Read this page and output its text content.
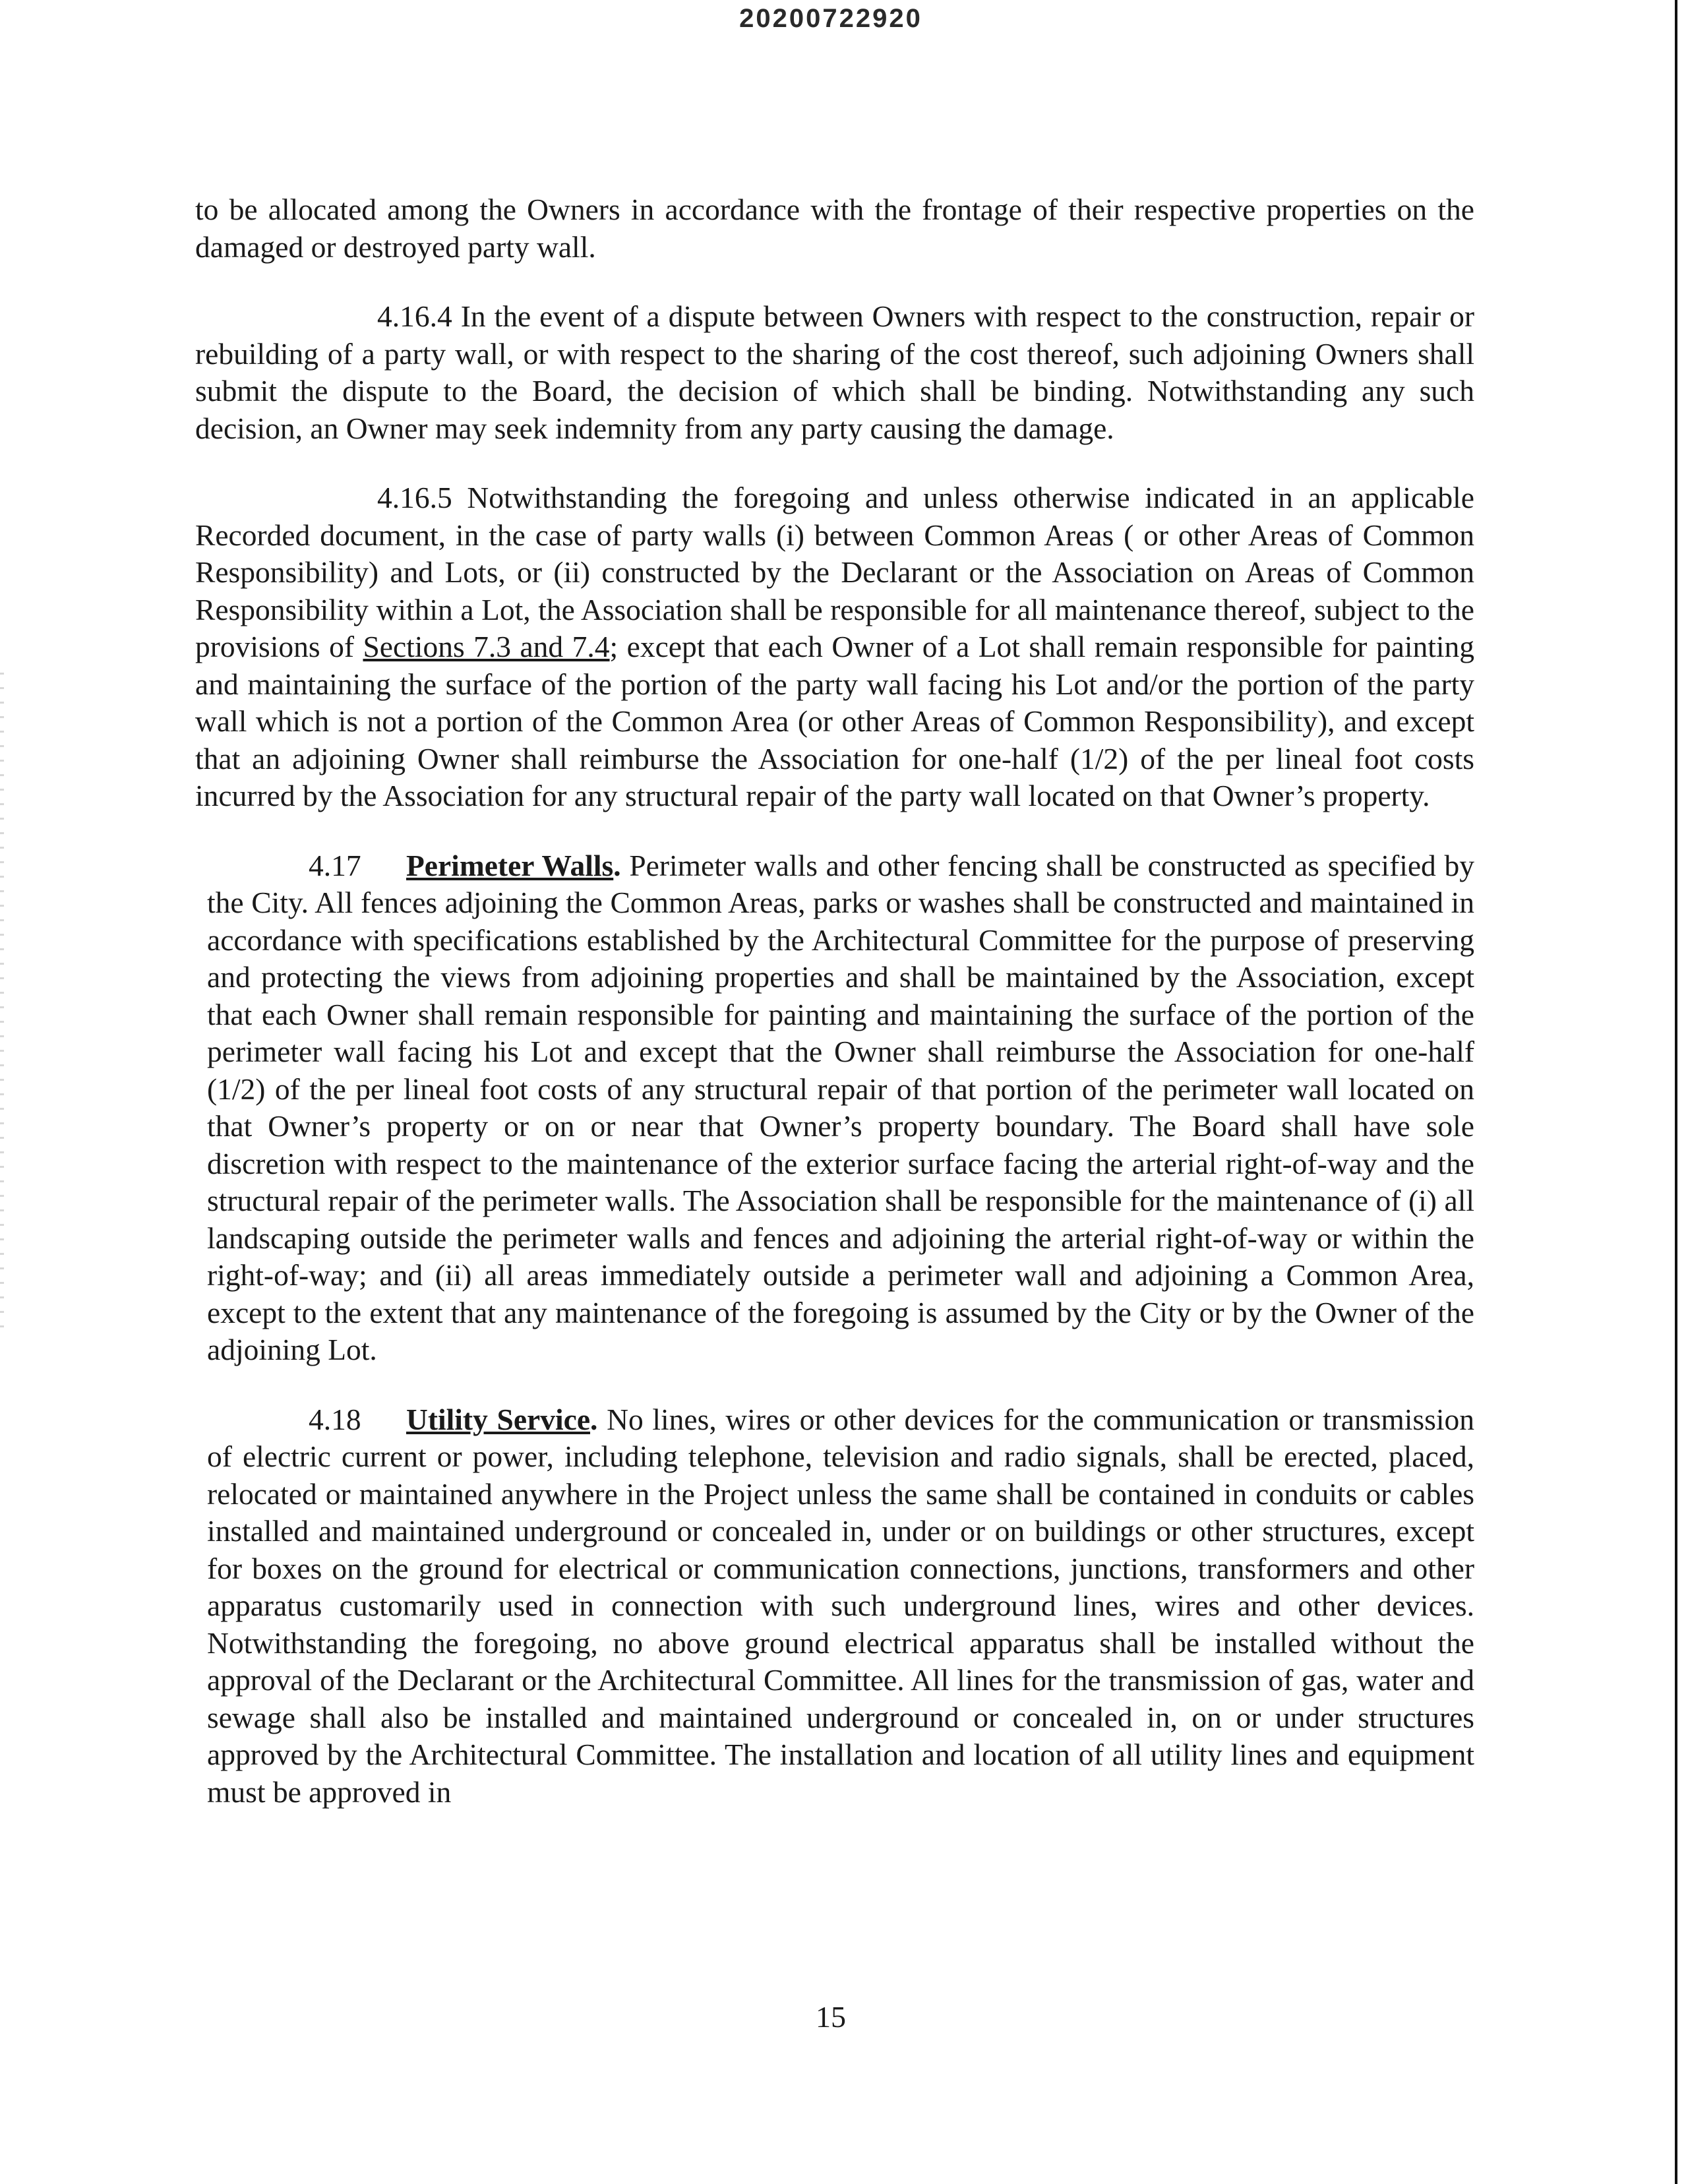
20200722920

to be allocated among the Owners in accordance with the frontage of their respective properties on the damaged or destroyed party wall.

4.16.4 In the event of a dispute between Owners with respect to the construction, repair or rebuilding of a party wall, or with respect to the sharing of the cost thereof, such adjoining Owners shall submit the dispute to the Board, the decision of which shall be binding. Notwithstanding any such decision, an Owner may seek indemnity from any party causing the damage.

4.16.5 Notwithstanding the foregoing and unless otherwise indicated in an applicable Recorded document, in the case of party walls (i) between Common Areas ( or other Areas of Common Responsibility) and Lots, or (ii) constructed by the Declarant or the Association on Areas of Common Responsibility within a Lot, the Association shall be responsible for all maintenance thereof, subject to the provisions of Sections 7.3 and 7.4; except that each Owner of a Lot shall remain responsible for painting and maintaining the surface of the portion of the party wall facing his Lot and/or the portion of the party wall which is not a portion of the Common Area (or other Areas of Common Responsibility), and except that an adjoining Owner shall reimburse the Association for one-half (1/2) of the per lineal foot costs incurred by the Association for any structural repair of the party wall located on that Owner’s property.

4.17 Perimeter Walls. Perimeter walls and other fencing shall be constructed as specified by the City. All fences adjoining the Common Areas, parks or washes shall be constructed and maintained in accordance with specifications established by the Architectural Committee for the purpose of preserving and protecting the views from adjoining properties and shall be maintained by the Association, except that each Owner shall remain responsible for painting and maintaining the surface of the portion of the perimeter wall facing his Lot and except that the Owner shall reimburse the Association for one-half (1/2) of the per lineal foot costs of any structural repair of that portion of the perimeter wall located on that Owner’s property or on or near that Owner’s property boundary. The Board shall have sole discretion with respect to the maintenance of the exterior surface facing the arterial right-of-way and the structural repair of the perimeter walls. The Association shall be responsible for the maintenance of (i) all landscaping outside the perimeter walls and fences and adjoining the arterial right-of-way or within the right-of-way; and (ii) all areas immediately outside a perimeter wall and adjoining a Common Area, except to the extent that any maintenance of the foregoing is assumed by the City or by the Owner of the adjoining Lot.

4.18 Utility Service. No lines, wires or other devices for the communication or transmission of electric current or power, including telephone, television and radio signals, shall be erected, placed, relocated or maintained anywhere in the Project unless the same shall be contained in conduits or cables installed and maintained underground or concealed in, under or on buildings or other structures, except for boxes on the ground for electrical or communication connections, junctions, transformers and other apparatus customarily used in connection with such underground lines, wires and other devices. Notwithstanding the foregoing, no above ground electrical apparatus shall be installed without the approval of the Declarant or the Architectural Committee. All lines for the transmission of gas, water and sewage shall also be installed and maintained underground or concealed in, on or under structures approved by the Architectural Committee. The installation and location of all utility lines and equipment must be approved in

15
